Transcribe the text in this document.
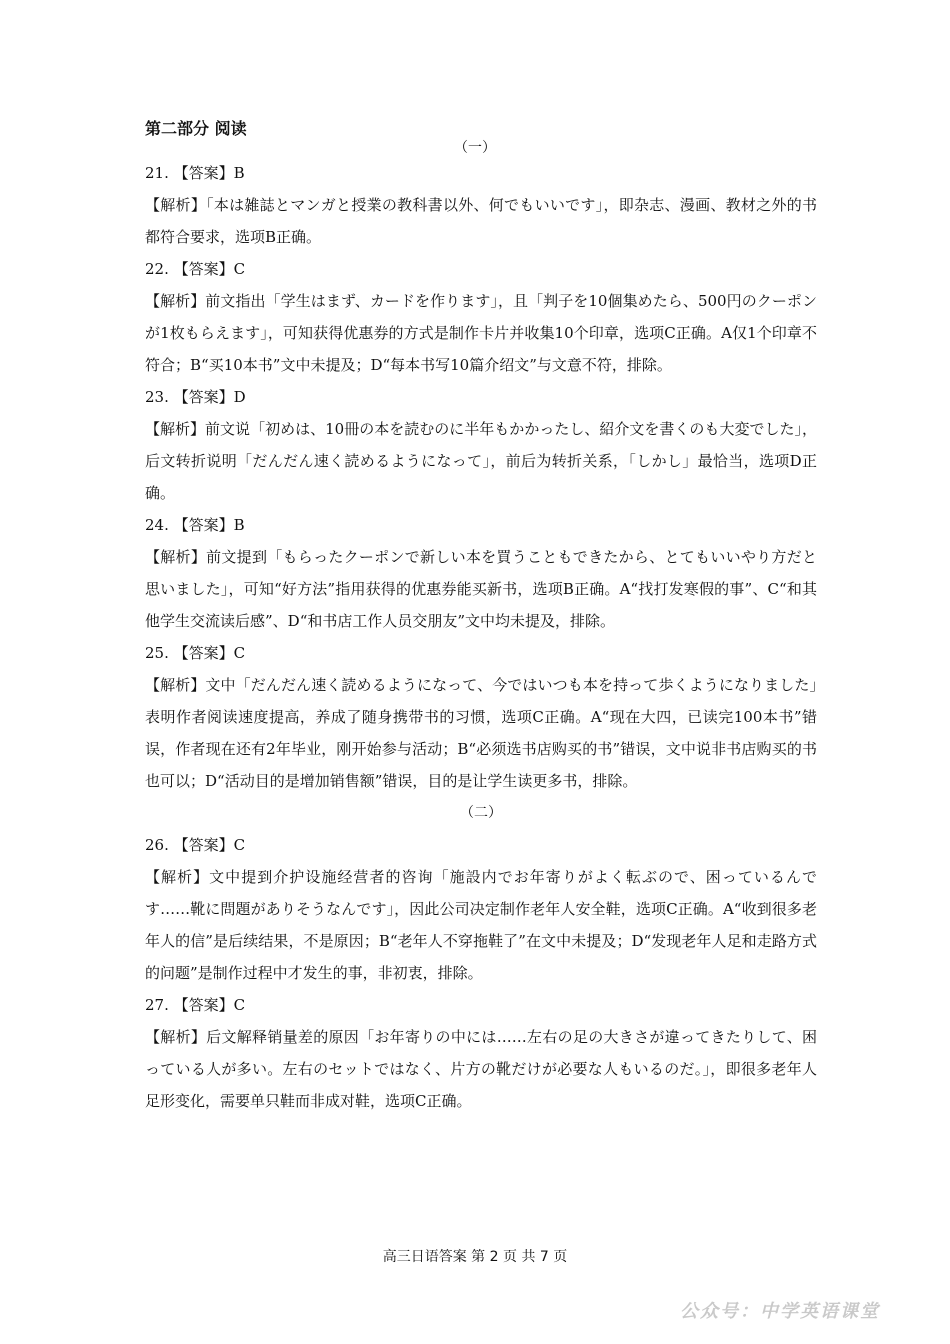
第二部分 阅读
（一）
21. 【答案】B
【解析】「本は雑誌とマンガと授業の教科書以外、何でもいいです」，即杂志、漫画、教材之外的书都符合要求，选项B正确。
22. 【答案】C
【解析】前文指出「学生はまず、カードを作ります」，且「判子を10個集めたら、500円のクーポンが1枚もらえます」，可知获得优惠券的方式是制作卡片并收集10个印章，选项C正确。A仅1个印章不符合；B“买10本书”文中未提及；D“每本书写10篇介绍文”与文意不符，排除。
23. 【答案】D
【解析】前文说「初めは、10冊の本を読むのに半年もかかったし、紹介文を書くのも大変でした」，后文转折说明「だんだん速く読めるようになって」，前后为转折关系，「しかし」最恰当，选项D正确。
24. 【答案】B
【解析】前文提到「もらったクーポンで新しい本を買うこともできたから、とてもいいやり方だと思いました」，可知“好方法”指用获得的优惠券能买新书，选项B正确。A“找打发寒假的事”、C“和其他学生交流读后感”、D“和书店工作人员交朋友”文中均未提及，排除。
25. 【答案】C
【解析】文中「だんだん速く読めるようになって、今ではいつも本を持って歩くようになりました」表明作者阅读速度提高，养成了随身携带书的习惯，选项C正确。A“现在大四，已读完100本书”错误，作者现在还有2年毕业，刚开始参与活动；B“必须选书店购买的书”错误，文中说非书店购买的书也可以；D“活动目的是增加销售额”错误，目的是让学生读更多书，排除。
（二）
26. 【答案】C
【解析】文中提到介护设施经营者的咨询「施設内でお年寄りがよく転ぶので、困っているんです……靴に問題がありそうなんです」，因此公司决定制作老年人安全鞋，选项C正确。A“收到很多老年人的信”是后续结果，不是原因；B“老年人不穿拖鞋了”在文中未提及；D“发现老年人足和走路方式的问题”是制作过程中才发生的事，非初衷，排除。
27. 【答案】C
【解析】后文解释销量差的原因「お年寄りの中には……左右の足の大きさが違ってきたりして、困っている人が多い。左右のセットではなく、片方の靴だけが必要な人もいるのだ。」，即很多老年人足形变化，需要单只鞋而非成对鞋，选项C正确。
高三日语答案 第 2 页 共 7 页
公众号：中学英语课堂
